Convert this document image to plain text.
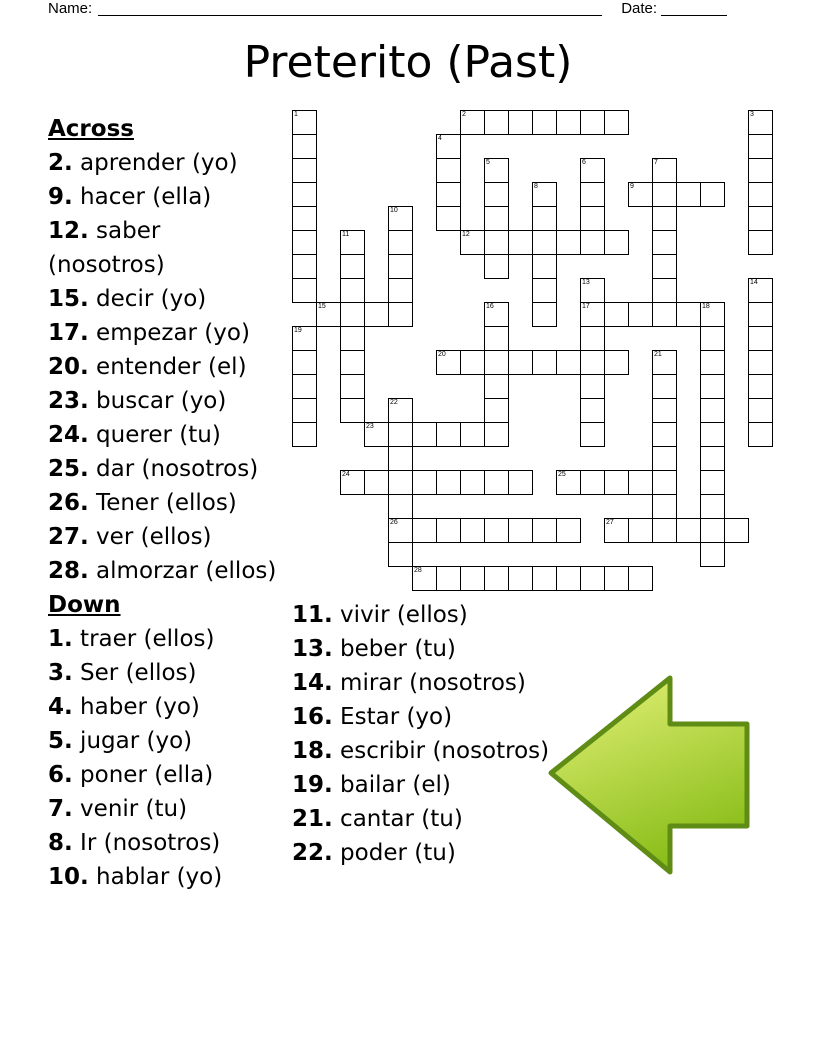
Name:	Date:
Preterito (Past)
1	2	3
4
5	6	7
8	9
10
11	12
13
17
14
15	16	18
19
20	21
22
26
23
24	25
27
28
Across
2. aprender (yo)
9. hacer (ella)
12. saber (nosotros)
15. decir (yo)
17. empezar (yo)
20. entender (el)
23. buscar (yo)
24. querer (tu)
25. dar (nosotros)
26. Tener (ellos)
27. ver (ellos)
28. almorzar (ellos)
Down
1. traer (ellos)
3. Ser (ellos)
4. haber (yo)
5. jugar (yo)
6. poner (ella)
7. venir (tu)
8. Ir (nosotros)
10. hablar (yo)
11. vivir (ellos)
13. beber (tu)
14. mirar (nosotros)
16. Estar (yo)
18. escribir (nosotros)
19. bailar (el)
21. cantar (tu)
22. poder (tu)
